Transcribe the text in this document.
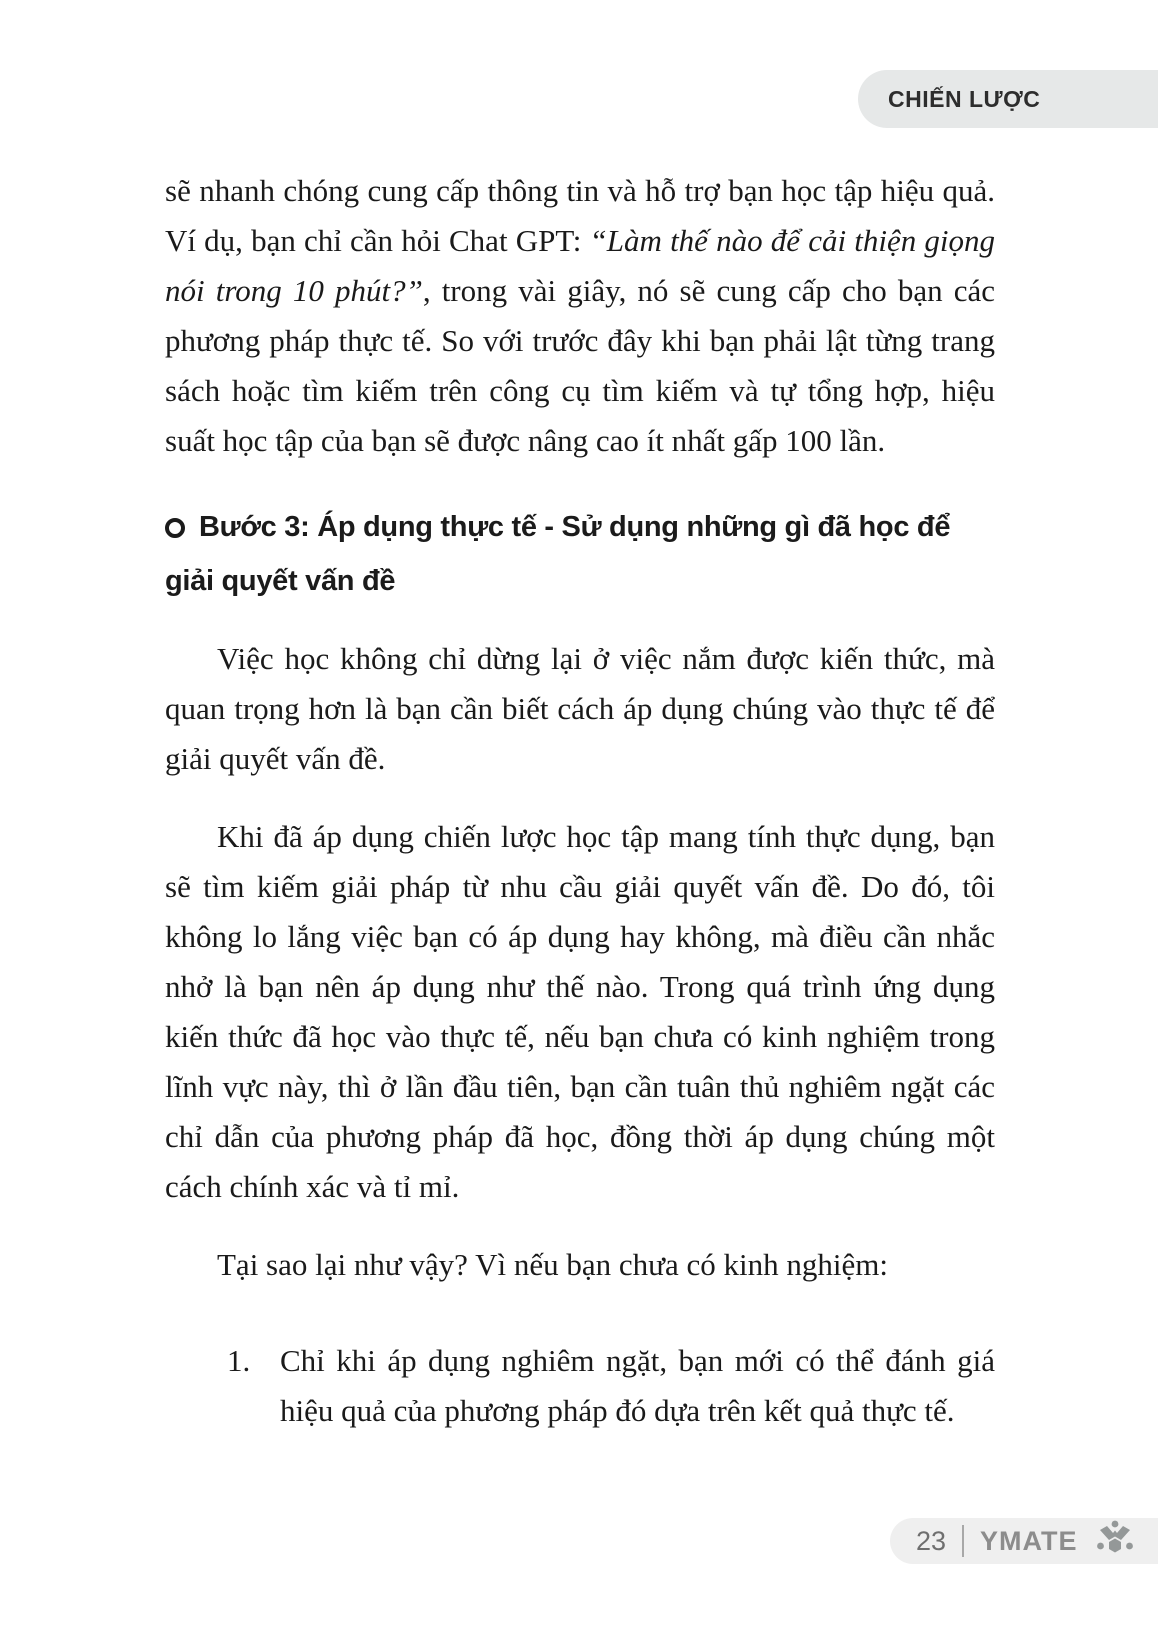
CHIẾN LƯỢC

sẽ nhanh chóng cung cấp thông tin và hỗ trợ bạn học tập hiệu quả. Ví dụ, bạn chỉ cần hỏi Chat GPT: “Làm thế nào để cải thiện giọng nói trong 10 phút?”, trong vài giây, nó sẽ cung cấp cho bạn các phương pháp thực tế. So với trước đây khi bạn phải lật từng trang sách hoặc tìm kiếm trên công cụ tìm kiếm và tự tổng hợp, hiệu suất học tập của bạn sẽ được nâng cao ít nhất gấp 100 lần.

Bước 3: Áp dụng thực tế - Sử dụng những gì đã học để giải quyết vấn đề

Việc học không chỉ dừng lại ở việc nắm được kiến thức, mà quan trọng hơn là bạn cần biết cách áp dụng chúng vào thực tế để giải quyết vấn đề.

Khi đã áp dụng chiến lược học tập mang tính thực dụng, bạn sẽ tìm kiếm giải pháp từ nhu cầu giải quyết vấn đề. Do đó, tôi không lo lắng việc bạn có áp dụng hay không, mà điều cần nhắc nhở là bạn nên áp dụng như thế nào. Trong quá trình ứng dụng kiến thức đã học vào thực tế, nếu bạn chưa có kinh nghiệm trong lĩnh vực này, thì ở lần đầu tiên, bạn cần tuân thủ nghiêm ngặt các chỉ dẫn của phương pháp đã học, đồng thời áp dụng chúng một cách chính xác và tỉ mỉ.

Tại sao lại như vậy? Vì nếu bạn chưa có kinh nghiệm:

1. Chỉ khi áp dụng nghiêm ngặt, bạn mới có thể đánh giá hiệu quả của phương pháp đó dựa trên kết quả thực tế.
23 YMATE
